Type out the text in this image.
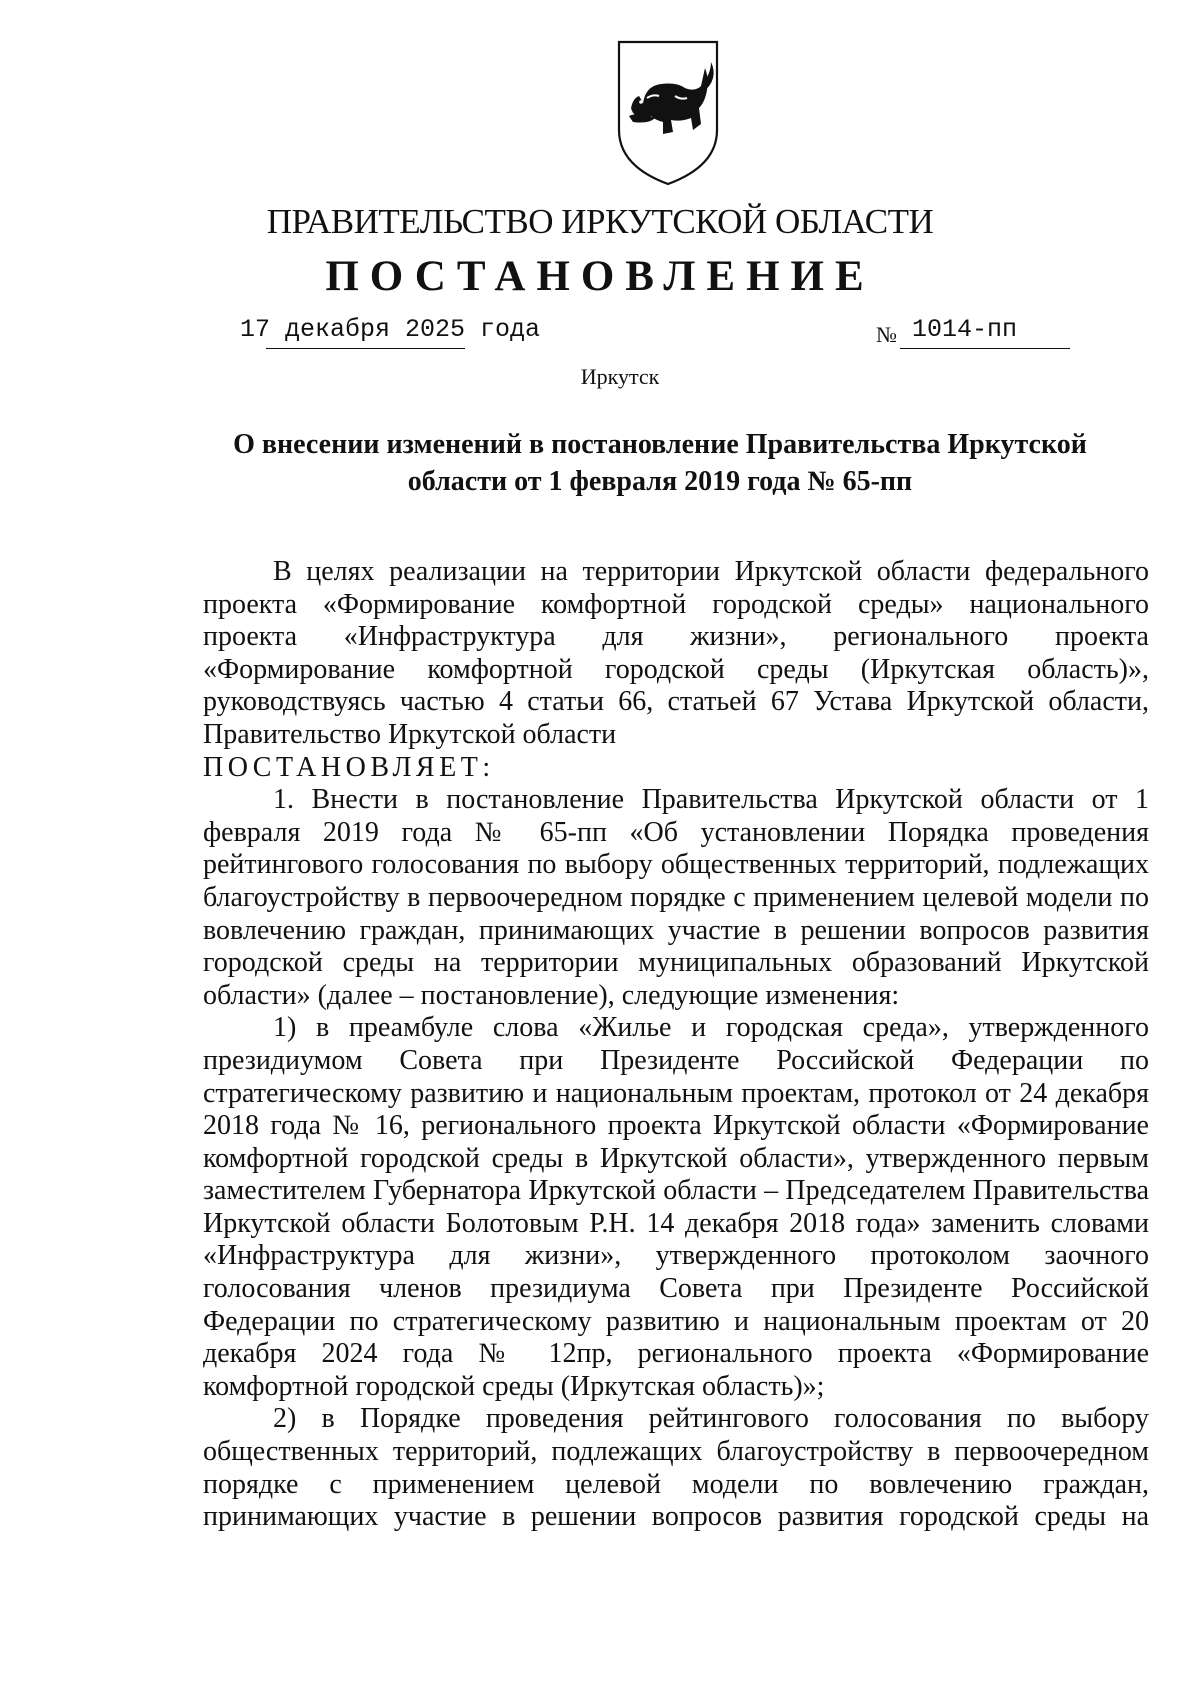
ПРАВИТЕЛЬСТВО ИРКУТСКОЙ ОБЛАСТИ
ПОСТАНОВЛЕНИЕ
17 декабря 2025 года	№ 1014-пп
Иркутск
О внесении изменений в постановление Правительства Иркутской области от 1 февраля 2019 года № 65-пп

В целях реализации на территории Иркутской области федерального проекта «Формирование комфортной городской среды» национального проекта «Инфраструктура для жизни», регионального проекта «Формирование комфортной городской среды (Иркутская область)», руководствуясь частью 4 статьи 66, статьей 67 Устава Иркутской области, Правительство Иркутской области

ПОСТАНОВЛЯЕТ:

1. Внести в постановление Правительства Иркутской области от 1 февраля 2019 года № 65-пп «Об установлении Порядка проведения рейтингового голосования по выбору общественных территорий, подлежащих благоустройству в первоочередном порядке с применением целевой модели по вовлечению граждан, принимающих участие в решении вопросов развития городской среды на территории муниципальных образований Иркутской области» (далее – постановление), следующие изменения:

1) в преамбуле слова «Жилье и городская среда», утвержденного президиумом Совета при Президенте Российской Федерации по стратегическому развитию и национальным проектам, протокол от 24 декабря 2018 года № 16, регионального проекта Иркутской области «Формирование комфортной городской среды в Иркутской области», утвержденного первым заместителем Губернатора Иркутской области – Председателем Правительства Иркутской области Болотовым Р.Н. 14 декабря 2018 года» заменить словами «Инфраструктура для жизни», утвержденного протоколом заочного голосования членов президиума Совета при Президенте Российской Федерации по стратегическому развитию и национальным проектам от 20 декабря 2024 года № 12пр, регионального проекта «Формирование комфортной городской среды (Иркутская область)»;

2) в Порядке проведения рейтингового голосования по выбору общественных территорий, подлежащих благоустройству в первоочередном порядке с применением целевой модели по вовлечению граждан, принимающих участие в решении вопросов развития городской среды на
